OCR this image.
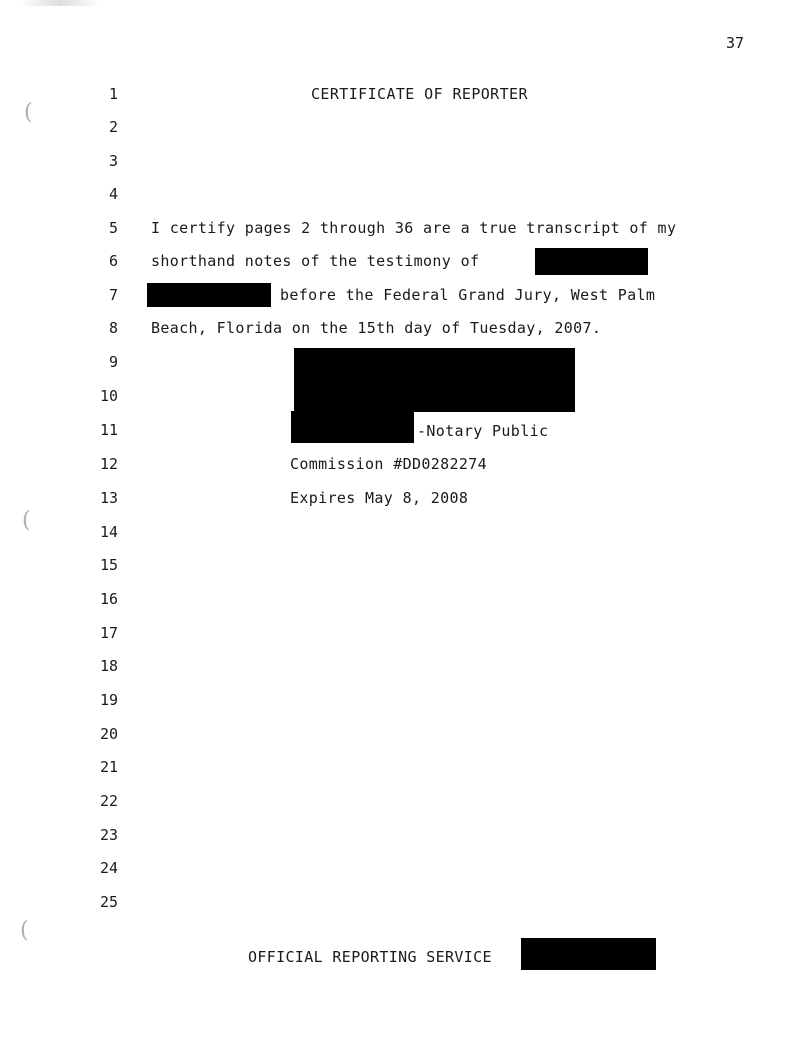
37
(
(
(
1
2
3
4
5
6
7
8
9
10
11
12
13
14
15
16
17
18
19
20
21
22
23
24
25
CERTIFICATE OF REPORTER
I certify pages 2 through 36 are a true transcript of my
shorthand notes of the testimony of
before the Federal Grand Jury, West Palm
Beach, Florida on the 15th day of Tuesday, 2007.
-Notary Public
Commission #DD0282274
Expires May 8, 2008
OFFICIAL REPORTING SERVICE
